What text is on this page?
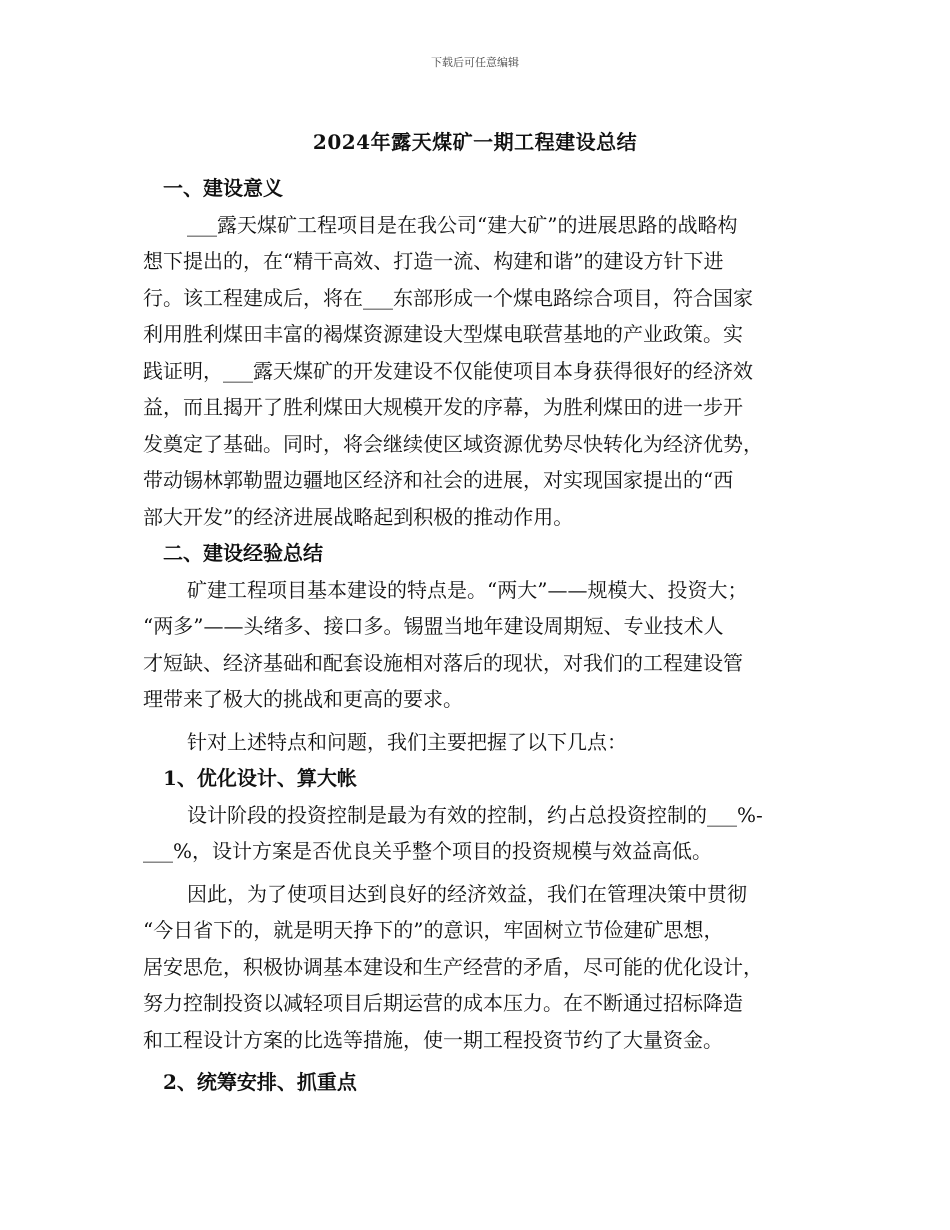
下载后可任意编辑
2024年露天煤矿一期工程建设总结
一、建设意义
___露天煤矿工程项目是在我公司“建大矿”的进展思路的战略构
想下提出的，在“精干高效、打造一流、构建和谐”的建设方针下进
行。该工程建成后，将在___东部形成一个煤电路综合项目，符合国家
利用胜利煤田丰富的褐煤资源建设大型煤电联营基地的产业政策。实
践证明，___露天煤矿的开发建设不仅能使项目本身获得很好的经济效
益，而且揭开了胜利煤田大规模开发的序幕，为胜利煤田的进一步开
发奠定了基础。同时，将会继续使区域资源优势尽快转化为经济优势，
带动锡林郭勒盟边疆地区经济和社会的进展，对实现国家提出的“西
部大开发”的经济进展战略起到积极的推动作用。
二、建设经验总结
矿建工程项目基本建设的特点是。“两大”——规模大、投资大；
“两多”——头绪多、接口多。锡盟当地年建设周期短、专业技术人
才短缺、经济基础和配套设施相对落后的现状，对我们的工程建设管
理带来了极大的挑战和更高的要求。
针对上述特点和问题，我们主要把握了以下几点：
1、优化设计、算大帐
设计阶段的投资控制是最为有效的控制，约占总投资控制的___%-
___%，设计方案是否优良关乎整个项目的投资规模与效益高低。
因此，为了使项目达到良好的经济效益，我们在管理决策中贯彻
“今日省下的，就是明天挣下的”的意识，牢固树立节俭建矿思想，
居安思危，积极协调基本建设和生产经营的矛盾，尽可能的优化设计，
努力控制投资以减轻项目后期运营的成本压力。在不断通过招标降造
和工程设计方案的比选等措施，使一期工程投资节约了大量资金。
2、统筹安排、抓重点
